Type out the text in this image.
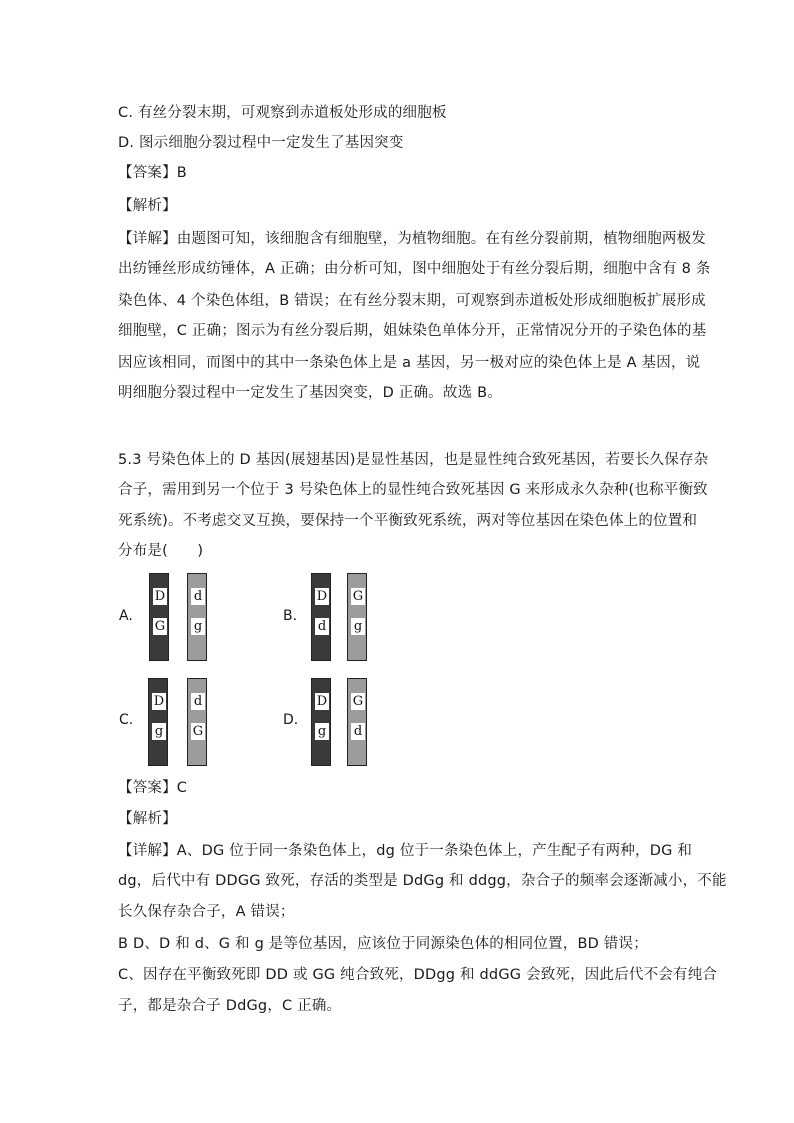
C. 有丝分裂末期，可观察到赤道板处形成的细胞板
D. 图示细胞分裂过程中一定发生了基因突变
【答案】B
【解析】
【详解】由题图可知，该细胞含有细胞壁，为植物细胞。在有丝分裂前期，植物细胞两极发
出纺锤丝形成纺锤体，A 正确；由分析可知，图中细胞处于有丝分裂后期，细胞中含有 8 条
染色体、4 个染色体组，B 错误；在有丝分裂末期，可观察到赤道板处形成细胞板扩展形成
细胞壁，C 正确；图示为有丝分裂后期，姐妹染色单体分开，正常情况分开的子染色体的基
因应该相同，而图中的其中一条染色体上是 a 基因，另一极对应的染色体上是 A 基因，说
明细胞分裂过程中一定发生了基因突变，D 正确。故选 B。
5.3 号染色体上的 D 基因(展翅基因)是显性基因，也是显性纯合致死基因，若要长久保存杂
合子，需用到另一个位于 3 号染色体上的显性纯合致死基因 G 来形成永久杂种(也称平衡致
死系统)。不考虑交叉互换，要保持一个平衡致死系统，两对等位基因在染色体上的位置和
分布是(　　)
A.
D
G
d
g
B.
D
d
G
g
C.
D
g
d
G
D.
D
g
G
d
【答案】C
【解析】
【详解】A、DG 位于同一条染色体上，dg 位于一条染色体上，产生配子有两种，DG 和
dg，后代中有 DDGG 致死，存活的类型是 DdGg 和 ddgg，杂合子的频率会逐渐减小，不能
长久保存杂合子，A 错误；
B D、D 和 d、G 和 g 是等位基因，应该位于同源染色体的相同位置，BD 错误；
C、因存在平衡致死即 DD 或 GG 纯合致死，DDgg 和 ddGG 会致死，因此后代不会有纯合
子，都是杂合子 DdGg，C 正确。
